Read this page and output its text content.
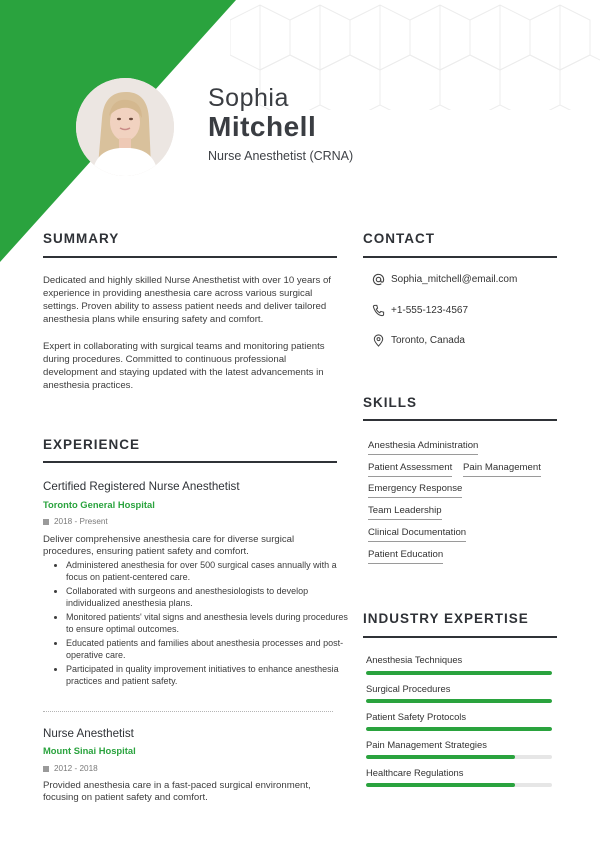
Sophia
Mitchell
Nurse Anesthetist (CRNA)
SUMMARY
Dedicated and highly skilled Nurse Anesthetist with over 10 years of experience in providing anesthesia care across various surgical settings. Proven ability to assess patient needs and deliver tailored anesthesia plans while ensuring safety and comfort.
Expert in collaborating with surgical teams and monitoring patients during procedures. Committed to continuous professional development and staying updated with the latest advancements in anesthesia practices.
CONTACT
Sophia_mitchell@email.com
+1-555-123-4567
Toronto, Canada
SKILLS
Anesthesia Administration
Patient Assessment Pain Management
Emergency Response
Team Leadership
Clinical Documentation
Patient Education
EXPERIENCE
Certified Registered Nurse Anesthetist
Toronto General Hospital
2018 - Present
Deliver comprehensive anesthesia care for diverse surgical procedures, ensuring patient safety and comfort.
• Administered anesthesia for over 500 surgical cases annually with a focus on patient-centered care.
• Collaborated with surgeons and anesthesiologists to develop individualized anesthesia plans.
• Monitored patients' vital signs and anesthesia levels during procedures to ensure optimal outcomes.
• Educated patients and families about anesthesia processes and post-operative care.
• Participated in quality improvement initiatives to enhance anesthesia practices and patient safety.
Nurse Anesthetist
Mount Sinai Hospital
2012 - 2018
Provided anesthesia care in a fast-paced surgical environment, focusing on patient safety and comfort.
INDUSTRY EXPERTISE
Anesthesia Techniques
Surgical Procedures
Patient Safety Protocols
Pain Management Strategies
Healthcare Regulations
